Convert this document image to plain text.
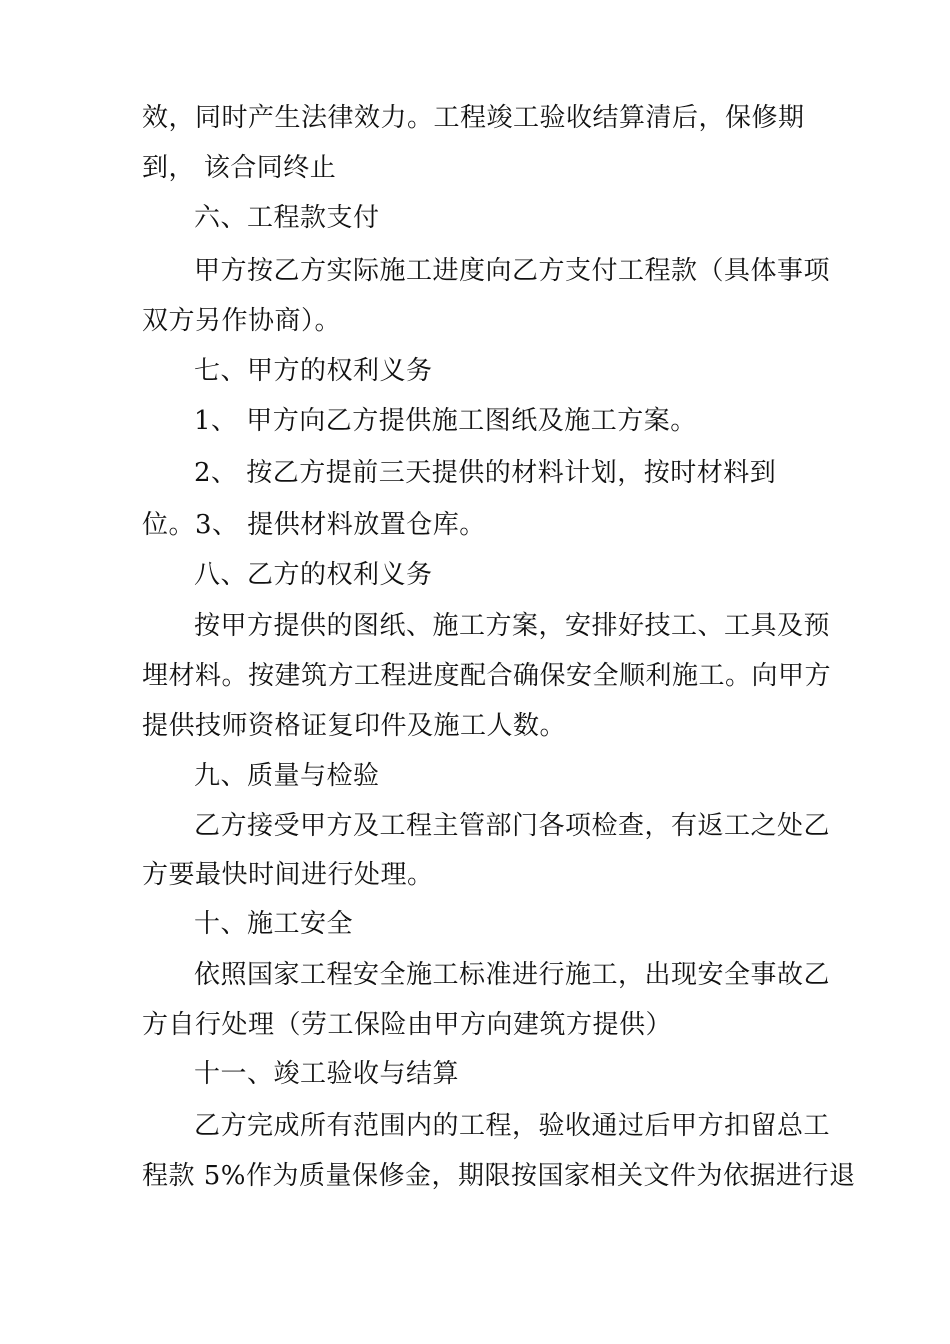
效，同时产生法律效力。工程竣工验收结算清后，保修期
到， 该合同终止
六、工程款支付
甲方按乙方实际施工进度向乙方支付工程款（具体事项
双方另作协商）。
七、甲方的权利义务
1、 甲方向乙方提供施工图纸及施工方案。
2、 按乙方提前三天提供的材料计划，按时材料到
位。3、 提供材料放置仓库。
八、乙方的权利义务
按甲方提供的图纸、施工方案，安排好技工、工具及预
埋材料。按建筑方工程进度配合确保安全顺利施工。向甲方
提供技师资格证复印件及施工人数。
九、质量与检验
乙方接受甲方及工程主管部门各项检查，有返工之处乙
方要最快时间进行处理。
十、施工安全
依照国家工程安全施工标准进行施工，出现安全事故乙
方自行处理（劳工保险由甲方向建筑方提供）
十一、竣工验收与结算
乙方完成所有范围内的工程，验收通过后甲方扣留总工
程款 5%作为质量保修金，期限按国家相关文件为依据进行退
